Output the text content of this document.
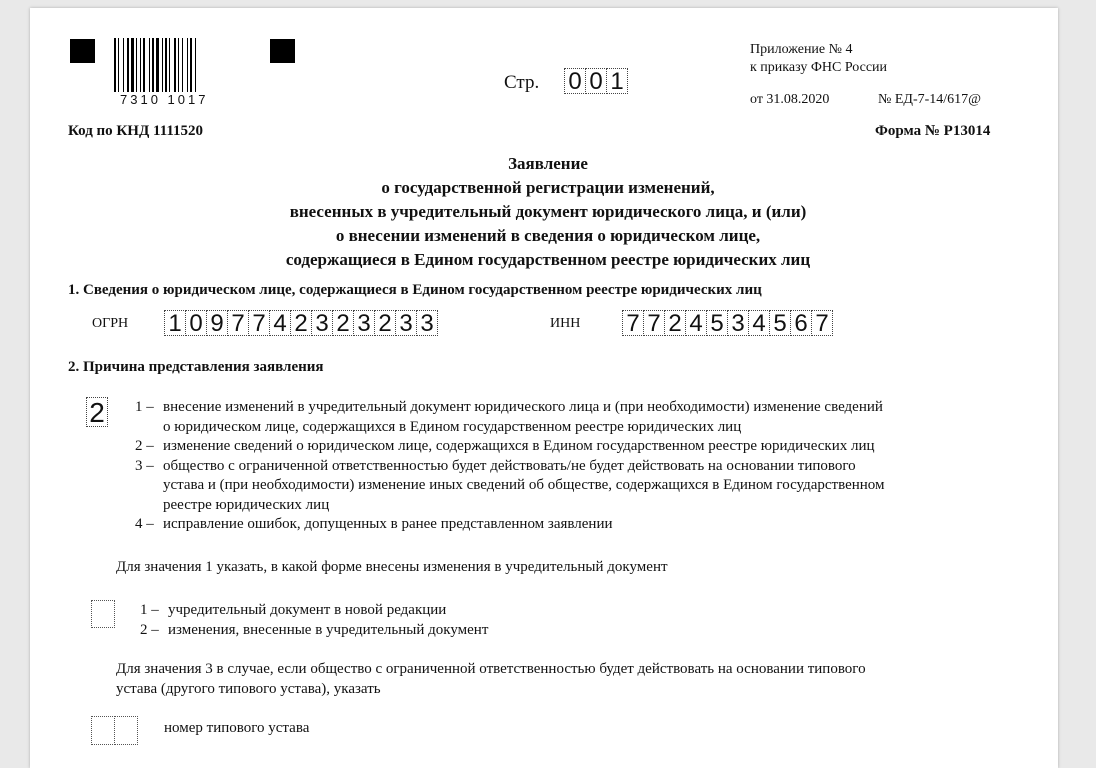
7310 1017
Стр. 0 0 1
Приложение № 4
к приказу ФНС России
от 31.08.2020	№ ЕД-7-14/617@
Код по КНД 1111520	Форма № Р13014
Заявление
о государственной регистрации изменений,
внесенных в учредительный документ юридического лица, и (или)
о внесении изменений в сведения о юридическом лице,
содержащиеся в Едином государственном реестре юридических лиц
1. Сведения о юридическом лице, содержащиеся в Едином государственном реестре юридических лиц
ОГРН 1 0 9 7 7 4 2 3 2 3 2 3 3	ИНН 7 7 2 4 5 3 4 5 6 7
2. Причина представления заявления
2 1 – внесение изменений в учредительный документ юридического лица и (при необходимости) изменение сведений
о юридическом лице, содержащихся в Едином государственном реестре юридических лиц
2 – изменение сведений о юридическом лице, содержащихся в Едином государственном реестре юридических лиц
3 – общество с ограниченной ответственностью будет действовать/не будет действовать на основании типового
устава и (при необходимости) изменение иных сведений об обществе, содержащихся в Едином государственном
реестре юридических лиц
4 – исправление ошибок, допущенных в ранее представленном заявлении
Для значения 1 указать, в какой форме внесены изменения в учредительный документ
1 – учредительный документ в новой редакции
2 – изменения, внесенные в учредительный документ
Для значения 3 в случае, если общество с ограниченной ответственностью будет действовать на основании типового
устава (другого типового устава), указать
номер типового устава
